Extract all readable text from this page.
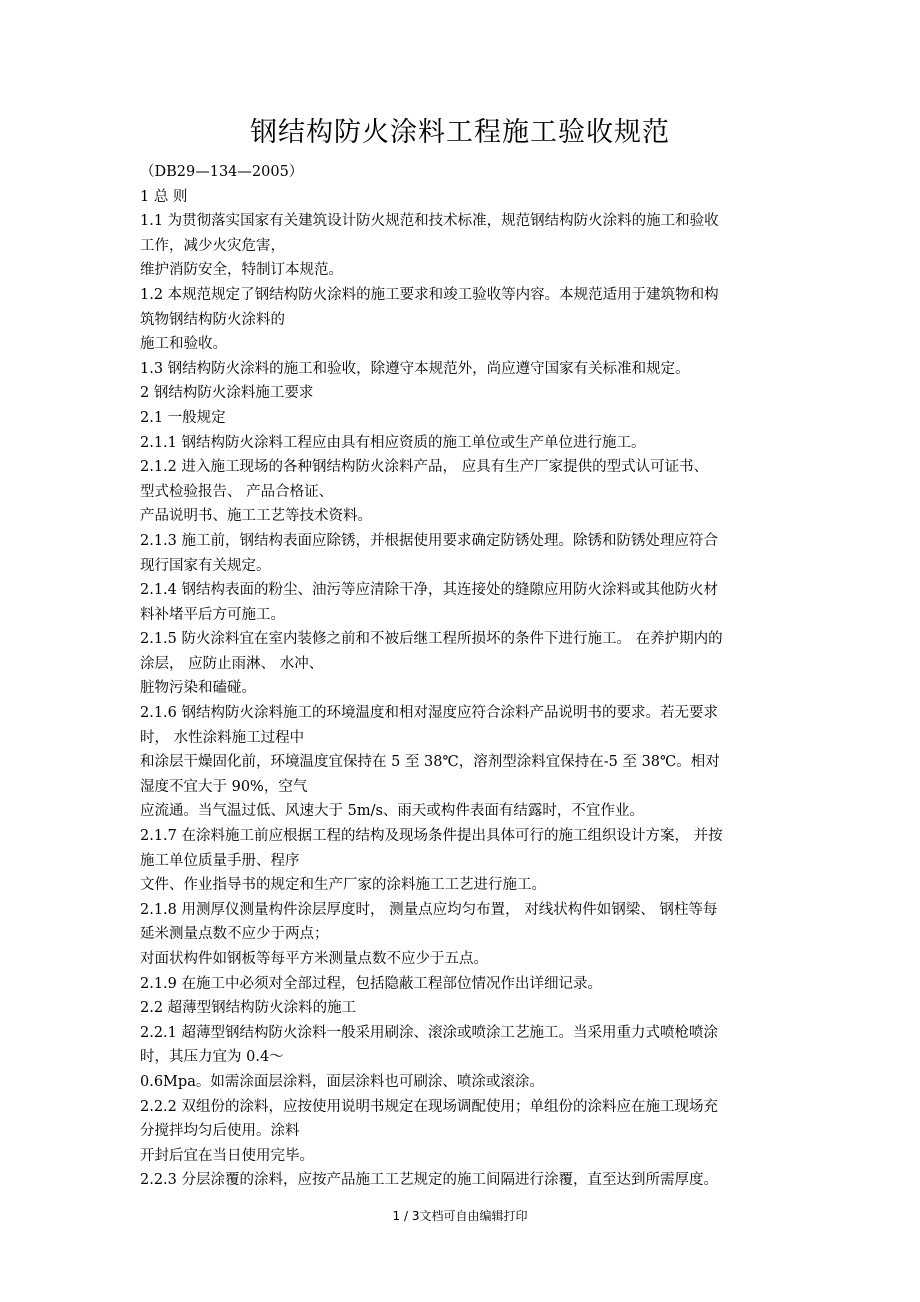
钢结构防火涂料工程施工验收规范
（DB29—134—2005）
1 总 则
1.1 为贯彻落实国家有关建筑设计防火规范和技术标准，规范钢结构防火涂料的施工和验收
工作，减少火灾危害，
维护消防安全，特制订本规范。
1.2 本规范规定了钢结构防火涂料的施工要求和竣工验收等内容。本规范适用于建筑物和构
筑物钢结构防火涂料的
施工和验收。
1.3 钢结构防火涂料的施工和验收，除遵守本规范外，尚应遵守国家有关标准和规定。
2 钢结构防火涂料施工要求
2.1 一般规定
2.1.1 钢结构防火涂料工程应由具有相应资质的施工单位或生产单位进行施工。
2.1.2 进入施工现场的各种钢结构防火涂料产品， 应具有生产厂家提供的型式认可证书、
型式检验报告、 产品合格证、
产品说明书、施工工艺等技术资料。
2.1.3 施工前，钢结构表面应除锈，并根据使用要求确定防锈处理。除锈和防锈处理应符合
现行国家有关规定。
2.1.4 钢结构表面的粉尘、油污等应清除干净，其连接处的缝隙应用防火涂料或其他防火材
料补堵平后方可施工。
2.1.5 防火涂料宜在室内装修之前和不被后继工程所损坏的条件下进行施工。 在养护期内的
涂层， 应防止雨淋、 水冲、
脏物污染和磕碰。
2.1.6 钢结构防火涂料施工的环境温度和相对湿度应符合涂料产品说明书的要求。若无要求
时， 水性涂料施工过程中
和涂层干燥固化前，环境温度宜保持在 5 至 38℃，溶剂型涂料宜保持在-5 至 38℃。相对
湿度不宜大于 90%，空气
应流通。当气温过低、风速大于 5m/s、雨天或构件表面有结露时，不宜作业。
2.1.7 在涂料施工前应根据工程的结构及现场条件提出具体可行的施工组织设计方案， 并按
施工单位质量手册、程序
文件、作业指导书的规定和生产厂家的涂料施工工艺进行施工。
2.1.8 用测厚仪测量构件涂层厚度时， 测量点应均匀布置， 对线状构件如钢梁、 钢柱等每
延米测量点数不应少于两点；
对面状构件如钢板等每平方米测量点数不应少于五点。
2.1.9 在施工中必须对全部过程，包括隐蔽工程部位情况作出详细记录。
2.2 超薄型钢结构防火涂料的施工
2.2.1 超薄型钢结构防火涂料一般采用刷涂、滚涂或喷涂工艺施工。当采用重力式喷枪喷涂
时，其压力宜为 0.4～
0.6Mpa。如需涂面层涂料，面层涂料也可刷涂、喷涂或滚涂。
2.2.2 双组份的涂料，应按使用说明书规定在现场调配使用；单组份的涂料应在施工现场充
分搅拌均匀后使用。涂料
开封后宜在当日使用完毕。
2.2.3 分层涂覆的涂料，应按产品施工工艺规定的施工间隔进行涂覆，直至达到所需厚度。
1 / 3文档可自由编辑打印
